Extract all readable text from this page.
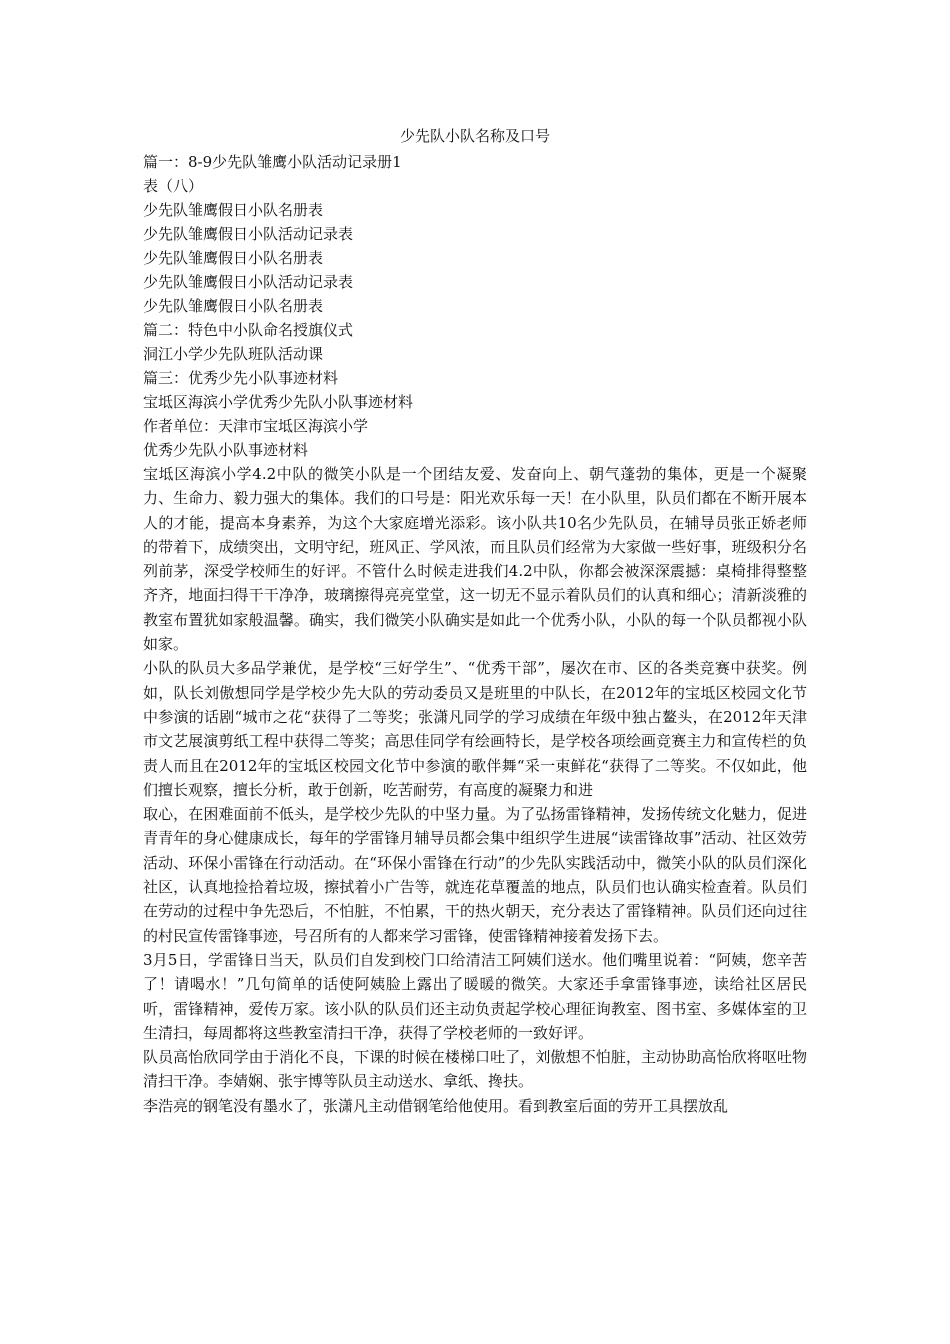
少先队小队名称及口号

篇一：8-9少先队雏鹰小队活动记录册1

表（八）

少先队雏鹰假日小队名册表

少先队雏鹰假日小队活动记录表

少先队雏鹰假日小队名册表

少先队雏鹰假日小队活动记录表

少先队雏鹰假日小队名册表

篇二：特色中小队命名授旗仪式

洞江小学少先队班队活动课

篇三：优秀少先小队事迹材料

宝坻区海滨小学优秀少先队小队事迹材料

作者单位：天津市宝坻区海滨小学

优秀少先队小队事迹材料

宝坻区海滨小学4.2中队的微笑小队是一个团结友爱、发奋向上、朝气蓬勃的集体，更是一个凝聚力、生命力、毅力强大的集体。我们的口号是：阳光欢乐每一天！在小队里，队员们都在不断开展本人的才能，提高本身素养，为这个大家庭增光添彩。该小队共10名少先队员，在辅导员张正娇老师的带着下，成绩突出，文明守纪，班风正、学风浓，而且队员们经常为大家做一些好事，班级积分名列前茅，深受学校师生的好评。不管什么时候走进我们4.2中队，你都会被深深震撼：桌椅排得整整齐齐，地面扫得干干净净，玻璃擦得亮亮堂堂，这一切无不显示着队员们的认真和细心；清新淡雅的教室布置犹如家般温馨。确实，我们微笑小队确实是如此一个优秀小队，小队的每一个队员都视小队如家。

小队的队员大多品学兼优，是学校“三好学生”、“优秀干部”，屡次在市、区的各类竞赛中获奖。例如，队长刘傲想同学是学校少先大队的劳动委员又是班里的中队长，在2012年的宝坻区校园文化节中参演的话剧“城市之花“获得了二等奖；张潇凡同学的学习成绩在年级中独占鳌头，在2012年天津市文艺展演剪纸工程中获得二等奖；高思佳同学有绘画特长，是学校各项绘画竞赛主力和宣传栏的负责人而且在2012年的宝坻区校园文化节中参演的歌伴舞“采一束鲜花“获得了二等奖。不仅如此，他们擅长观察，擅长分析，敢于创新，吃苦耐劳，有高度的凝聚力和进

取心，在困难面前不低头，是学校少先队的中坚力量。为了弘扬雷锋精神，发扬传统文化魅力，促进青青年的身心健康成长，每年的学雷锋月辅导员都会集中组织学生进展“读雷锋故事”活动、社区效劳活动、环保小雷锋在行动活动。在“环保小雷锋在行动”的少先队实践活动中，微笑小队的队员们深化社区，认真地捡拾着垃圾，擦拭着小广告等，就连花草覆盖的地点，队员们也认确实检查着。队员们在劳动的过程中争先恐后，不怕脏，不怕累，干的热火朝天，充分表达了雷锋精神。队员们还向过往的村民宣传雷锋事迹，号召所有的人都来学习雷锋，使雷锋精神接着发扬下去。

3月5日，学雷锋日当天，队员们自发到校门口给清洁工阿姨们送水。他们嘴里说着：“阿姨，您辛苦了！请喝水！”几句简单的话使阿姨脸上露出了暖暖的微笑。大家还手拿雷锋事迹，读给社区居民听，雷锋精神，爱传万家。该小队的队员们还主动负责起学校心理征询教室、图书室、多媒体室的卫生清扫，每周都将这些教室清扫干净，获得了学校老师的一致好评。

队员高怡欣同学由于消化不良，下课的时候在楼梯口吐了，刘傲想不怕脏，主动协助高怡欣将呕吐物清扫干净。李婧娴、张宇博等队员主动送水、拿纸、搀扶。

李浩亮的钢笔没有墨水了，张潇凡主动借钢笔给他使用。看到教室后面的劳开工具摆放乱
